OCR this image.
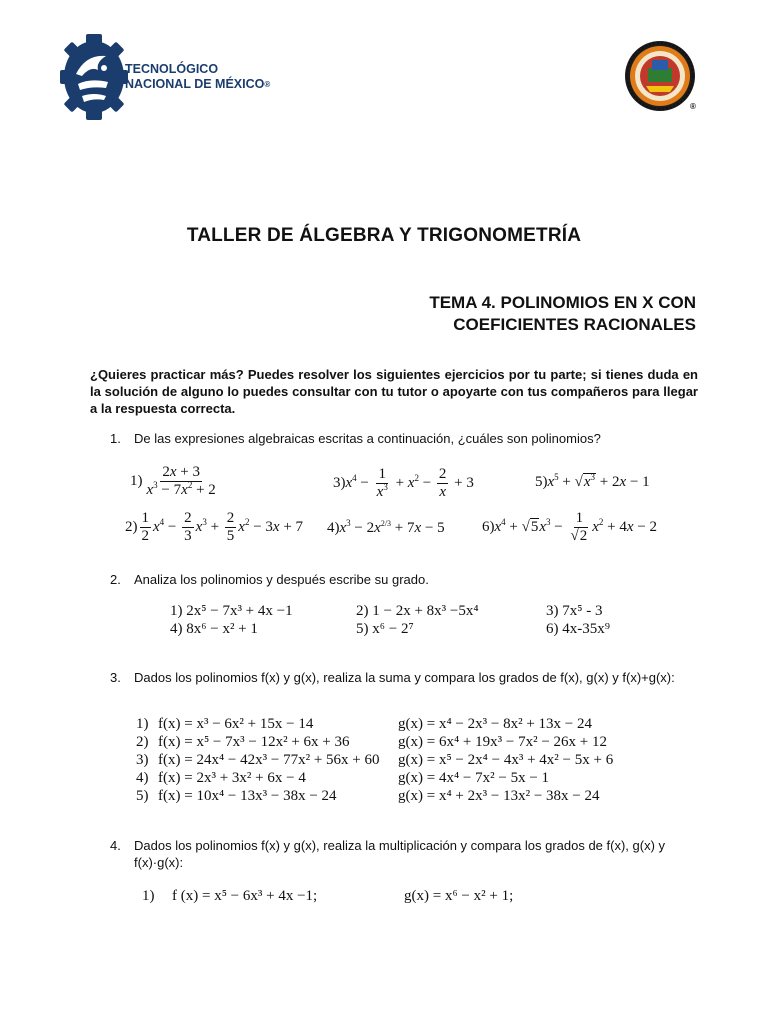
TECNOLÓGICO
NACIONAL DE MÉXICO®
®
TALLER DE ÁLGEBRA Y TRIGONOMETRÍA
TEMA 4. POLINOMIOS EN X CON
COEFICIENTES RACIONALES
¿Quieres practicar más? Puedes resolver los siguientes ejercicios por tu parte; si tienes duda en la solución de alguno lo puedes consultar con tu tutor o apoyarte con tus compañeros para llegar a la respuesta correcta.
1. De las expresiones algebraicas escritas a continuación, ¿cuáles son polinomios?
$1) \frac{2x + 3}{x^3 - 7x^2 + 2}$	$3)x^4 - \frac{1}{x^3} + x^2 - \frac{2}{x} + 3$	$5)x^5 + √x^3 + 2x - 1$
$2) \frac{1}{2} x^4 - \frac{2}{3} x^3 + \frac{2}{5} x^2 - 3x + 7$ $4)x^3 - 2x^{2/3} + 7x - 5$ $6)x^4 + √5x^3 - \frac{1}{√2} x^2 + 4x - 2$
2. Analiza los polinomios y después escribe su grado.
1) 2x⁵ − 7x³ + 4x −1	2) 1 − 2x + 8x³ −5x⁴	3) 7x⁵ - 3
4) 8x⁶ − x² + 1	5) x⁶ − 2⁷	6) 4x-35x⁹
3. Dados los polinomios f(x) y g(x), realiza la suma y compara los grados de f(x), g(x) y f(x)+g(x):
1) f(x) = x³ − 6x² + 15x − 14	g(x) = x⁴ − 2x³ − 8x² + 13x − 24
2) f(x) = x⁵ − 7x³ − 12x² + 6x + 36	g(x) = 6x⁴ + 19x³ − 7x² − 26x + 12
3) f(x) = 24x⁴ − 42x³ − 77x² + 56x + 60 g(x) = x⁵ − 2x⁴ − 4x³ + 4x² − 5x + 6
4) f(x) = 2x³ + 3x² + 6x − 4	g(x) = 4x⁴ − 7x² − 5x − 1
5) f(x) = 10x⁴ − 13x³ − 38x − 24	g(x) = x⁴ + 2x³ − 13x² − 38x − 24
4. Dados los polinomios f(x) y g(x), realiza la multiplicación y compara los grados de f(x), g(x) y f(x)·g(x):
1) f (x) = x⁵ − 6x³ + 4x −1;	g(x) = x⁶ − x² + 1;
